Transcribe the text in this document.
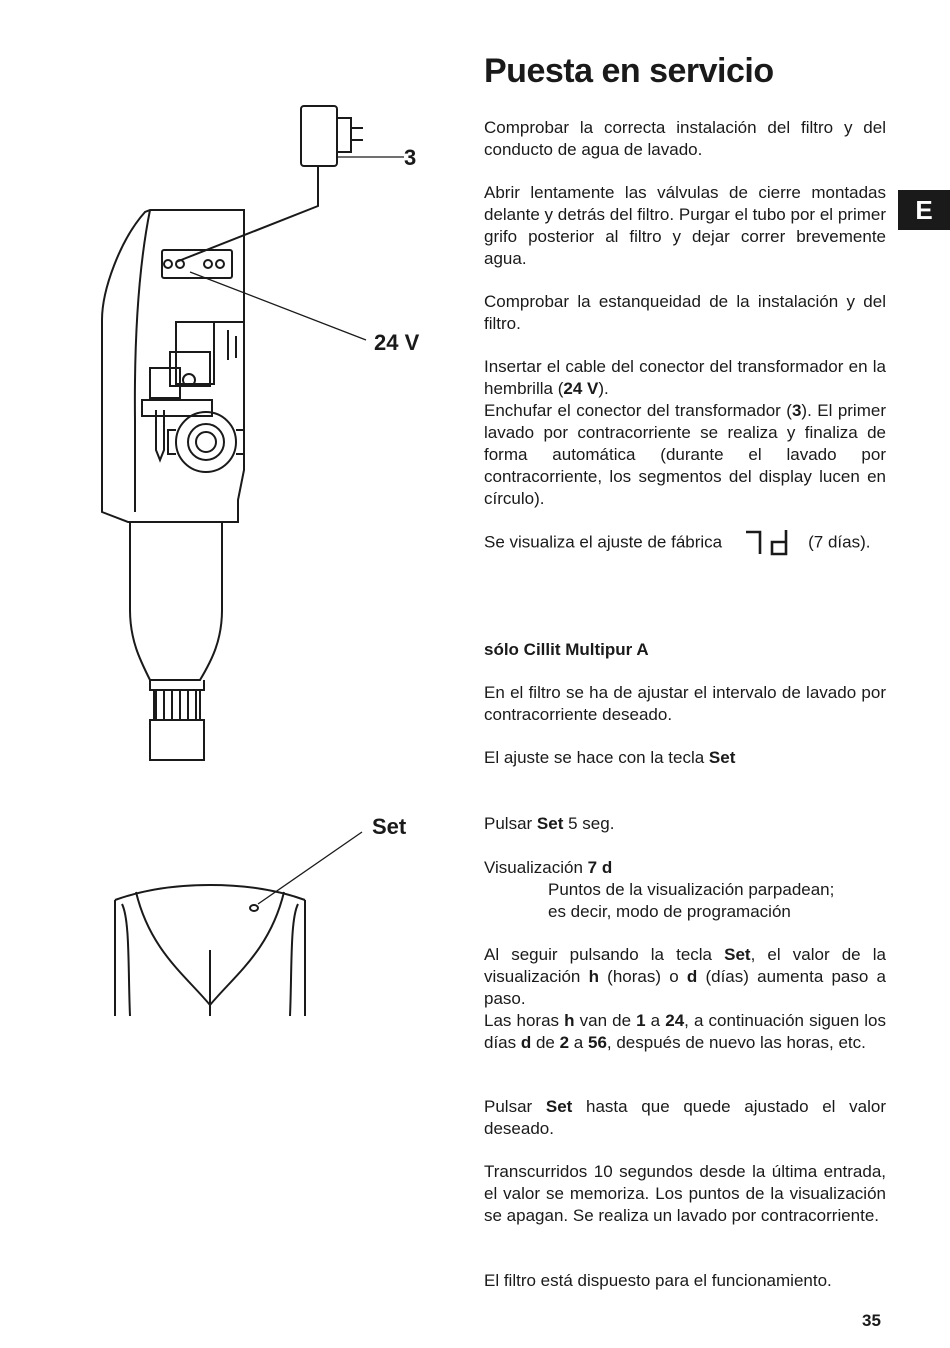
3
24 V
Set
E
35
Puesta en servicio

Comprobar la correcta instalación del filtro y del conducto de agua de lavado.

Abrir lentamente las válvulas de cierre montadas delante y detrás del filtro. Purgar el tubo por el primer grifo posterior al filtro y dejar correr brevemente agua.

Comprobar la estanqueidad de la instalación y del filtro.

Insertar el cable del conector del transformador en la hembrilla (24 V).
Enchufar el conector del transformador (3). El primer lavado por contracorriente se realiza y finaliza de forma automática (durante el lavado por contracorriente, los segmentos del display lucen en círculo).

Se visualiza el ajuste de fábrica	(7 días).

sólo Cillit Multipur A

En el filtro se ha de ajustar el intervalo de lavado por contracorriente deseado.

El ajuste se hace con la tecla Set

Pulsar Set 5 seg.

Visualización 7 d
Puntos de la visualización parpadean;
es decir, modo de programación

Al seguir pulsando la tecla Set, el valor de la visualización h (horas) o d (días) aumenta paso a paso.
Las horas h van de 1 a 24, a continuación siguen los días d de 2 a 56, después de nuevo las horas, etc.

Pulsar Set hasta que quede ajustado el valor deseado.

Transcurridos 10 segundos desde la última entrada, el valor se memoriza. Los puntos de la visualización se apagan. Se realiza un lavado por contracorriente.

El filtro está dispuesto para el funcionamiento.
